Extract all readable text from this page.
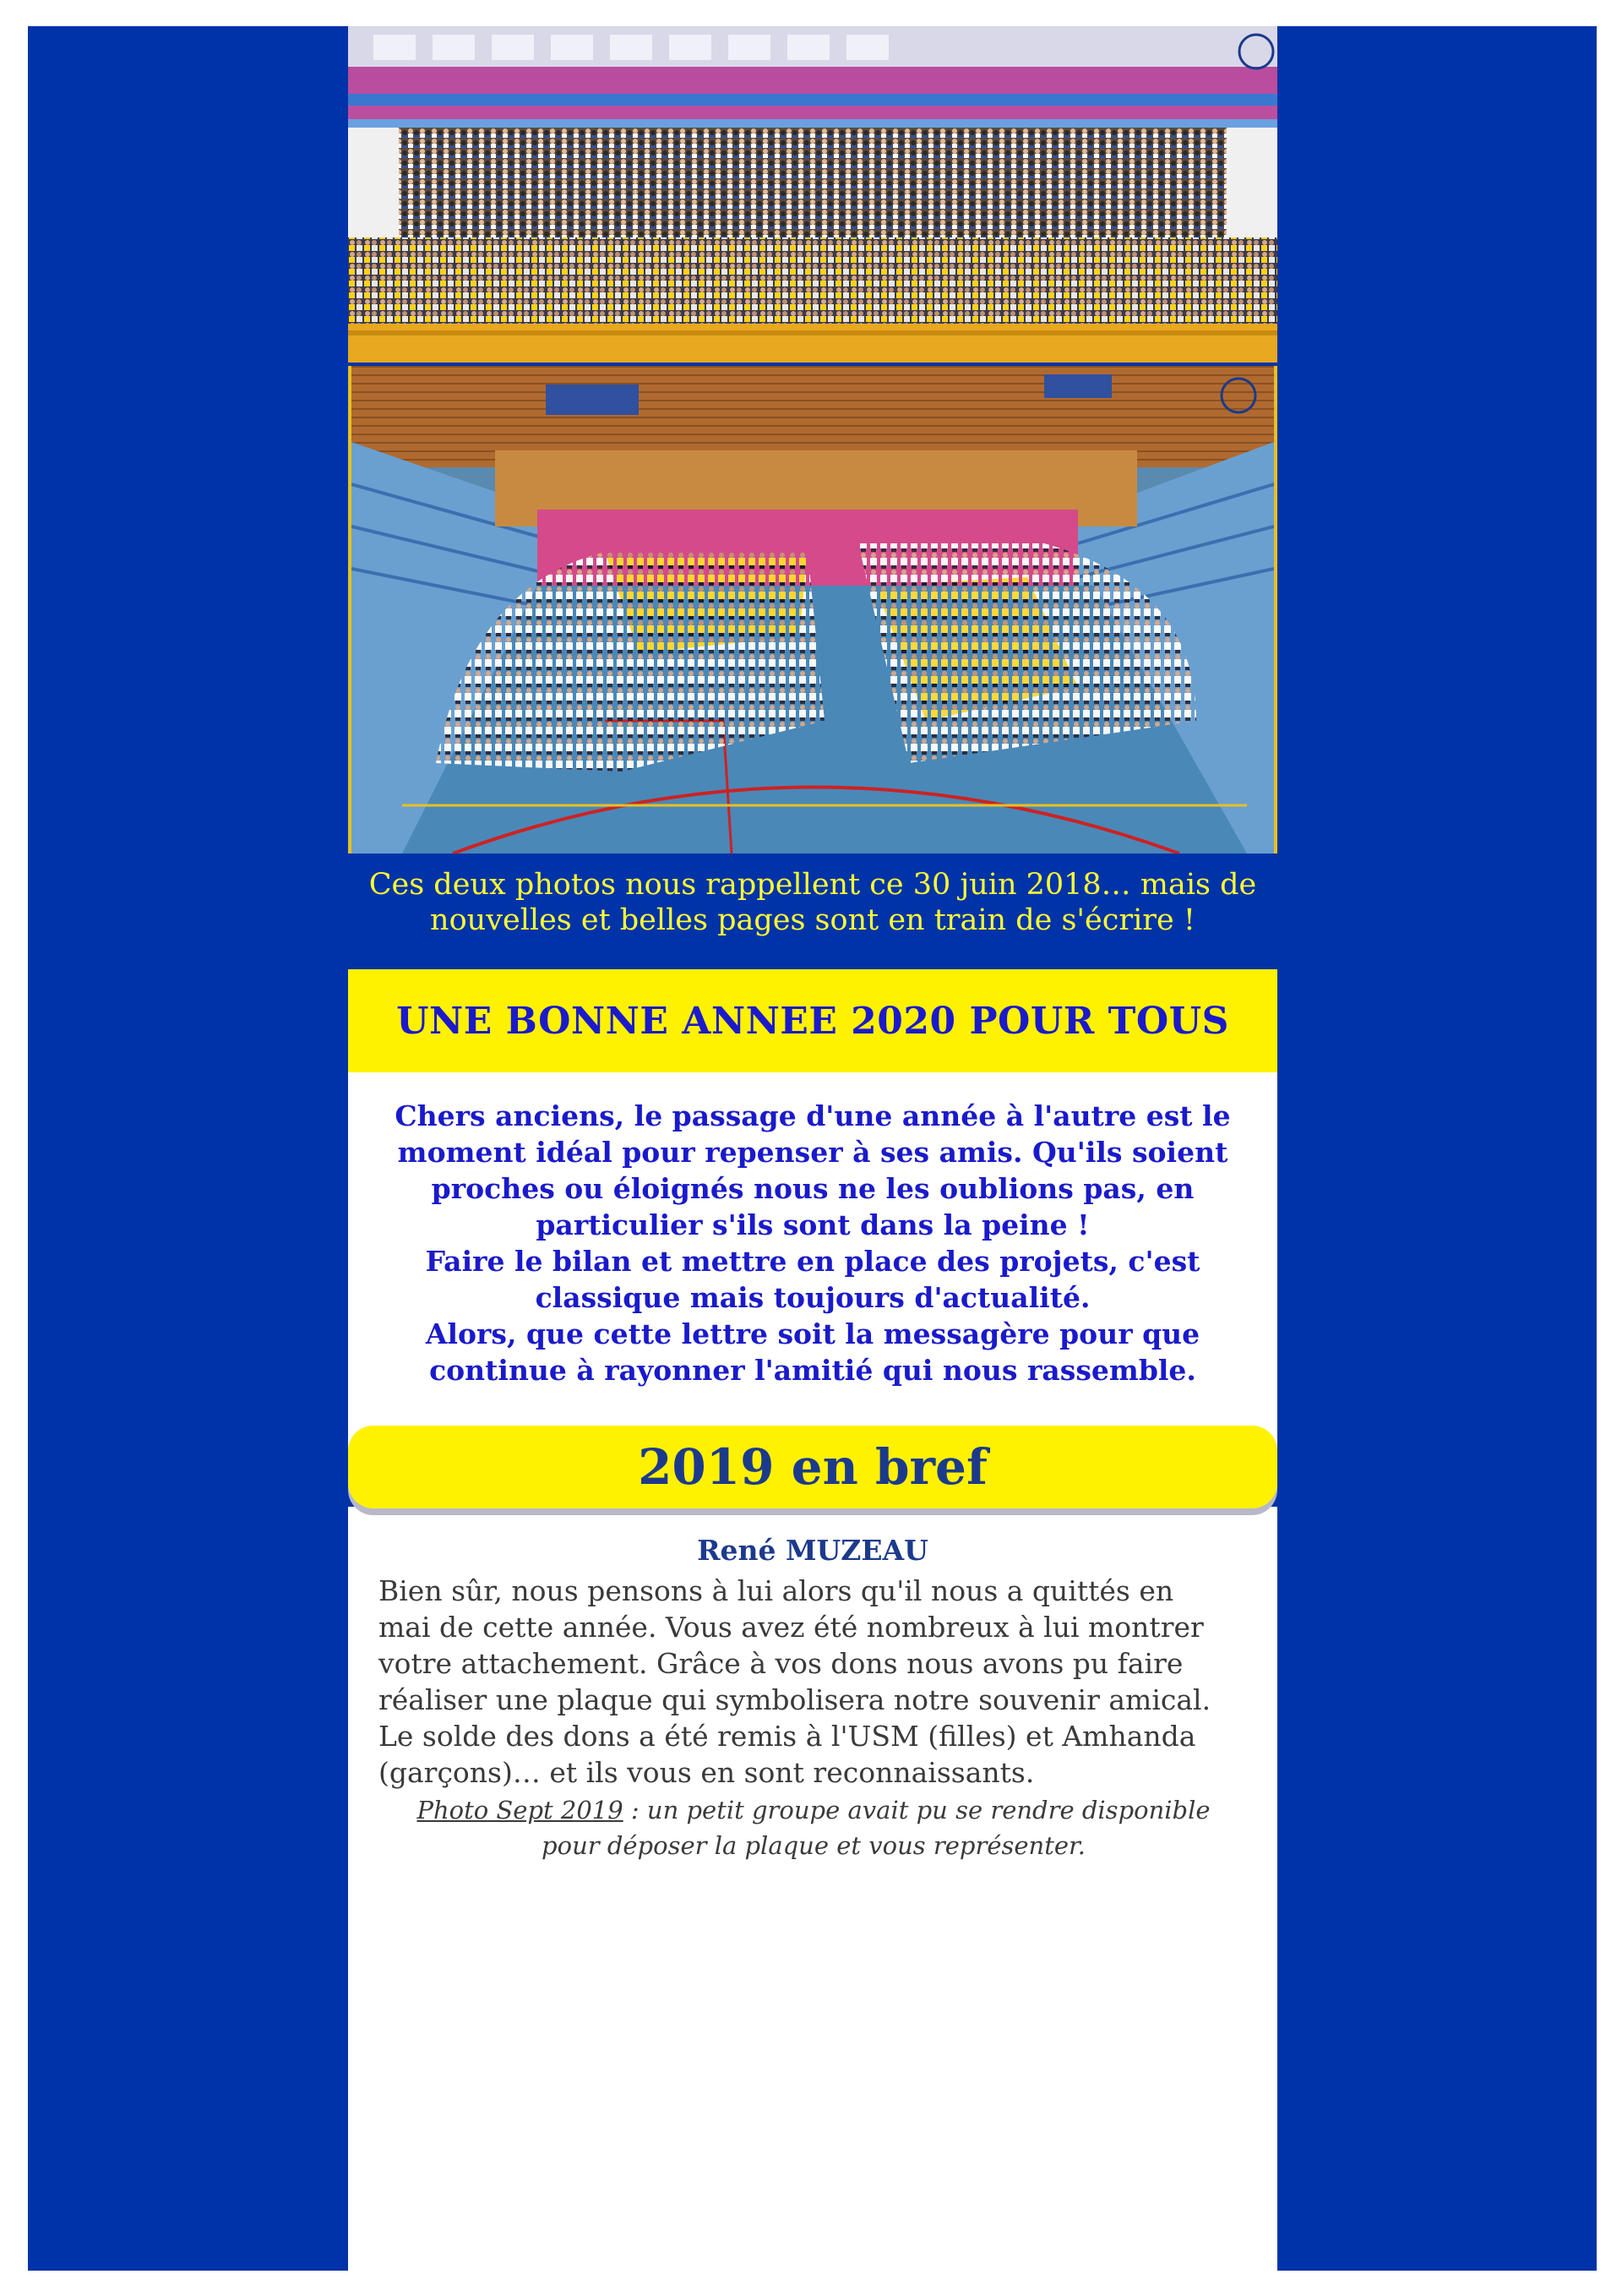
Ces deux photos nous rappellent ce 30 juin 2018… mais de
nouvelles et belles pages sont en train de s'écrire !
UNE BONNE ANNEE 2020 POUR TOUS

Chers anciens, le passage d'une année à l'autre est le
moment idéal pour repenser à ses amis. Qu'ils soient
proches ou éloignés nous ne les oublions pas, en
particulier s'ils sont dans la peine !
Faire le bilan et mettre en place des projets, c'est
classique mais toujours d'actualité.
Alors, que cette lettre soit la messagère pour que
continue à rayonner l'amitié qui nous rassemble.

René MUZEAU

Bien sûr, nous pensons à lui alors qu'il nous a quittés en
mai de cette année. Vous avez été nombreux à lui montrer
votre attachement. Grâce à vos dons nous avons pu faire
réaliser une plaque qui symbolisera notre souvenir amical.
Le solde des dons a été remis à l'USM (filles) et Amhanda
(garçons)… et ils vous en sont reconnaissants.

Photo Sept 2019 : un petit groupe avait pu se rendre disponible
pour déposer la plaque et vous représenter.

2019 en bref
